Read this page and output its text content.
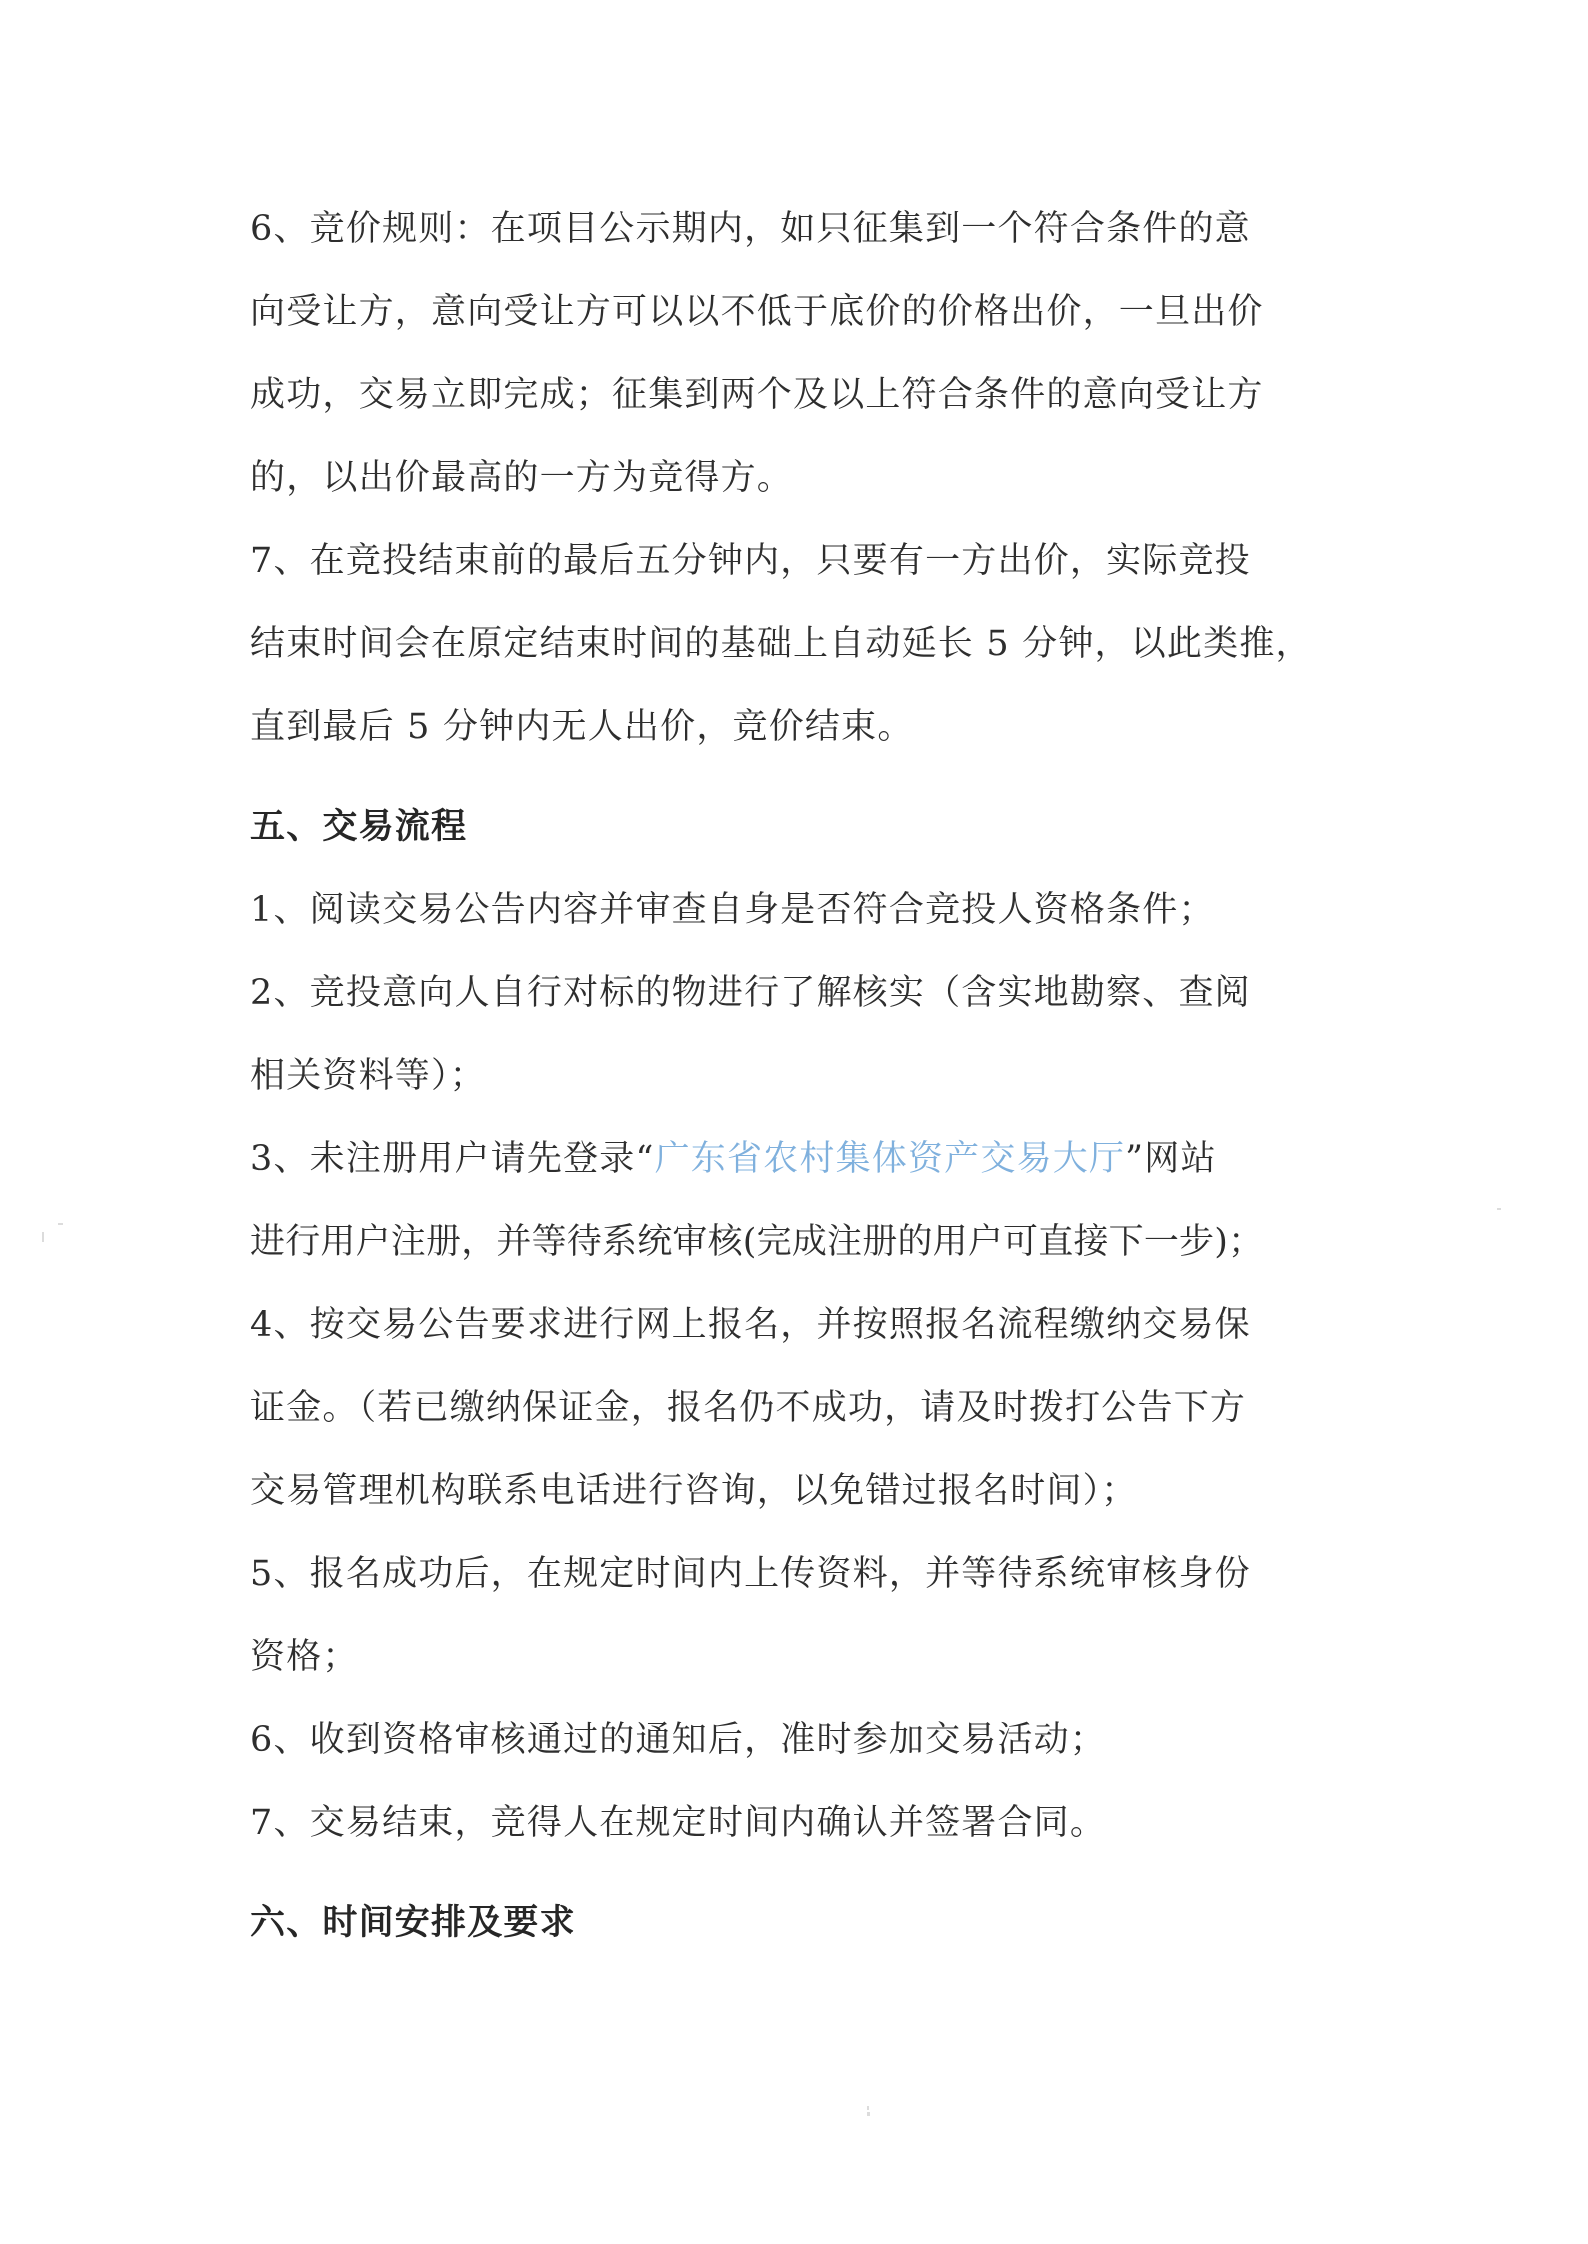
6、竞价规则：在项目公示期内，如只征集到一个符合条件的意
向受让方，意向受让方可以以不低于底价的价格出价，一旦出价
成功，交易立即完成；征集到两个及以上符合条件的意向受让方
的，以出价最高的一方为竞得方。
7、在竞投结束前的最后五分钟内，只要有一方出价，实际竞投
结束时间会在原定结束时间的基础上自动延长 5 分钟，以此类推，
直到最后 5 分钟内无人出价，竞价结束。
五、交易流程
1、阅读交易公告内容并审查自身是否符合竞投人资格条件；
2、竞投意向人自行对标的物进行了解核实（含实地勘察、查阅
相关资料等）；
3、未注册用户请先登录“广东省农村集体资产交易大厅”网站
进行用户注册，并等待系统审核(完成注册的用户可直接下一步)；
4、按交易公告要求进行网上报名，并按照报名流程缴纳交易保
证金。（若已缴纳保证金，报名仍不成功，请及时拨打公告下方
交易管理机构联系电话进行咨询，以免错过报名时间）；
5、报名成功后，在规定时间内上传资料，并等待系统审核身份
资格；
6、收到资格审核通过的通知后，准时参加交易活动；
7、交易结束，竞得人在规定时间内确认并签署合同。
六、时间安排及要求
